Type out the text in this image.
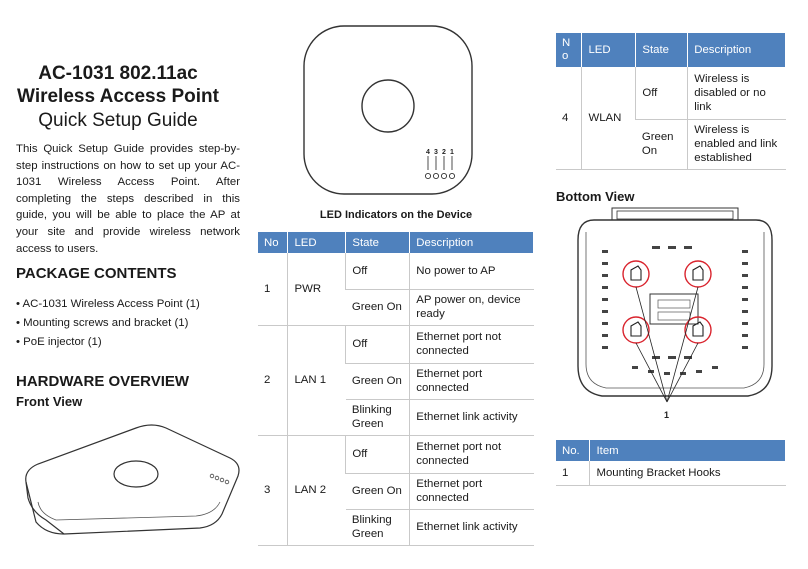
AC-1031 802.11ac
Wireless Access Point
Quick Setup Guide

This Quick Setup Guide provides step-by-step instructions on how to set up your AC-1031 Wireless Access Point. After completing the steps described in this guide, you will be able to place the AP at your site and provide wireless network access to users.

PACKAGE CONTENTS
• AC-1031 Wireless Access Point (1)
• Mounting screws and bracket (1)
• PoE injector (1)
HARDWARE OVERVIEW
Front View
4 3 2 1
LED Indicators on the Device
No	LED	State	Description
1	PWR	Off	No power to AP
		Green On	AP power on, device ready
2	LAN 1	Off	Ethernet port not connected
		Green On	Ethernet port connected
		Blinking Green	Ethernet link activity
3	LAN 2	Off	Ethernet port not connected
		Green On	Ethernet port connected
		Blinking Green	Ethernet link activity
No	LED	State	Description
4	WLAN	Off	Wireless is disabled or no link
		Green On	Wireless is enabled and link established
Bottom View
1
No.	Item
1	Mounting Bracket Hooks
